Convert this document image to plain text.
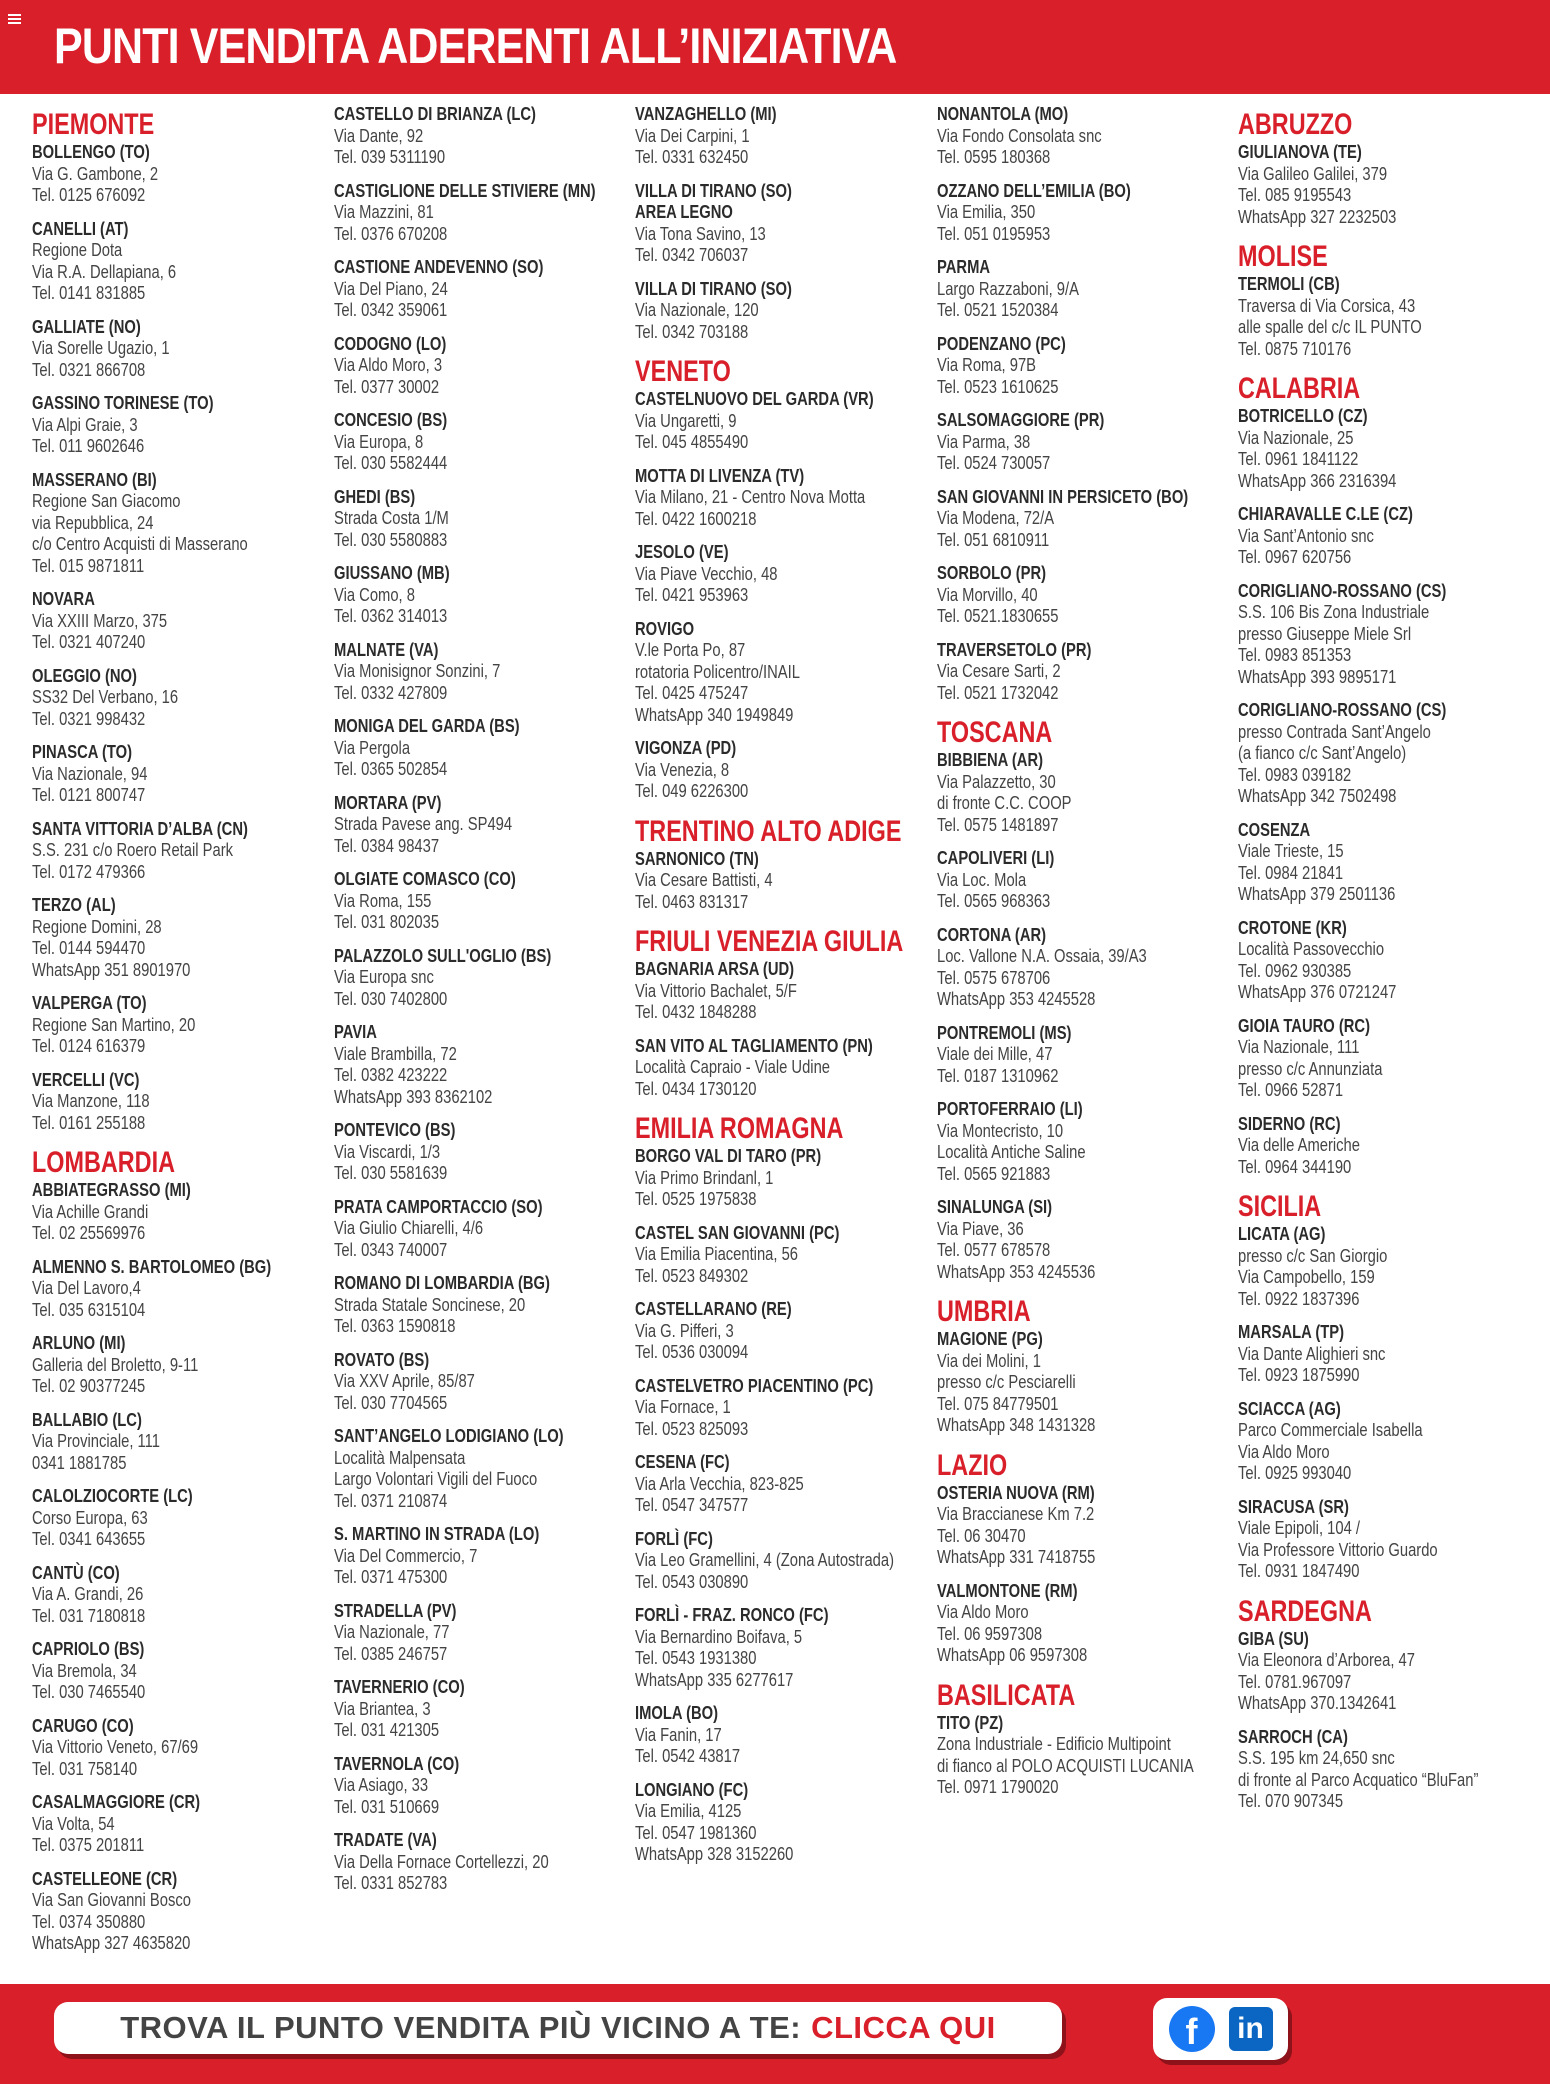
PUNTI VENDITA ADERENTI ALL’INIZIATIVA
PIEMONTE
BOLLENGO (TO)
Via G. Gambone, 2
Tel. 0125 676092
CANELLI (AT)
Regione Dota
Via R.A. Dellapiana, 6
Tel. 0141 831885
GALLIATE (NO)
Via Sorelle Ugazio, 1
Tel. 0321 866708
GASSINO TORINESE (TO)
Via Alpi Graie, 3
Tel. 011 9602646
MASSERANO (BI)
Regione San Giacomo
via Repubblica, 24
c/o Centro Acquisti di Masserano
Tel. 015 9871811
NOVARA
Via XXIII Marzo, 375
Tel. 0321 407240
OLEGGIO (NO)
SS32 Del Verbano, 16
Tel. 0321 998432
PINASCA (TO)
Via Nazionale, 94
Tel. 0121 800747
SANTA VITTORIA D’ALBA (CN)
S.S. 231 c/o Roero Retail Park
Tel. 0172 479366
TERZO (AL)
Regione Domini, 28
Tel. 0144 594470
WhatsApp 351 8901970
VALPERGA (TO)
Regione San Martino, 20
Tel. 0124 616379
VERCELLI (VC)
Via Manzone, 118
Tel. 0161 255188
LOMBARDIA
ABBIATEGRASSO (MI)
Via Achille Grandi
Tel. 02 25569976
ALMENNO S. BARTOLOMEO (BG)
Via Del Lavoro,4
Tel. 035 6315104
ARLUNO (MI)
Galleria del Broletto, 9-11
Tel. 02 90377245
BALLABIO (LC)
Via Provinciale, 111
0341 1881785
CALOLZIOCORTE (LC)
Corso Europa, 63
Tel. 0341 643655
CANTÙ (CO)
Via A. Grandi, 26
Tel. 031 7180818
CAPRIOLO (BS)
Via Bremola, 34
Tel. 030 7465540
CARUGO (CO)
Via Vittorio Veneto, 67/69
Tel. 031 758140
CASALMAGGIORE (CR)
Via Volta, 54
Tel. 0375 201811
CASTELLEONE (CR)
Via San Giovanni Bosco
Tel. 0374 350880
WhatsApp 327 4635820
CASTELLO DI BRIANZA (LC)
Via Dante, 92
Tel. 039 5311190
CASTIGLIONE DELLE STIVIERE (MN)
Via Mazzini, 81
Tel. 0376 670208
CASTIONE ANDEVENNO (SO)
Via Del Piano, 24
Tel. 0342 359061
CODOGNO (LO)
Via Aldo Moro, 3
Tel. 0377 30002
CONCESIO (BS)
Via Europa, 8
Tel. 030 5582444
GHEDI (BS)
Strada Costa 1/M
Tel. 030 5580883
GIUSSANO (MB)
Via Como, 8
Tel. 0362 314013
MALNATE (VA)
Via Monisignor Sonzini, 7
Tel. 0332 427809
MONIGA DEL GARDA (BS)
Via Pergola
Tel. 0365 502854
MORTARA (PV)
Strada Pavese ang. SP494
Tel. 0384 98437
OLGIATE COMASCO (CO)
Via Roma, 155
Tel. 031 802035
PALAZZOLO SULL'OGLIO (BS)
Via Europa snc
Tel. 030 7402800
PAVIA
Viale Brambilla, 72
Tel. 0382 423222
WhatsApp 393 8362102
PONTEVICO (BS)
Via Viscardi, 1/3
Tel. 030 5581639
PRATA CAMPORTACCIO (SO)
Via Giulio Chiarelli, 4/6
Tel. 0343 740007
ROMANO DI LOMBARDIA (BG)
Strada Statale Soncinese, 20
Tel. 0363 1590818
ROVATO (BS)
Via XXV Aprile, 85/87
Tel. 030 7704565
SANT’ANGELO LODIGIANO (LO)
Località Malpensata
Largo Volontari Vigili del Fuoco
Tel. 0371 210874
S. MARTINO IN STRADA (LO)
Via Del Commercio, 7
Tel. 0371 475300
STRADELLA (PV)
Via Nazionale, 77
Tel. 0385 246757
TAVERNERIO (CO)
Via Briantea, 3
Tel. 031 421305
TAVERNOLA (CO)
Via Asiago, 33
Tel. 031 510669
TRADATE (VA)
Via Della Fornace Cortellezzi, 20
Tel. 0331 852783
VANZAGHELLO (MI)
Via Dei Carpini, 1
Tel. 0331 632450
VILLA DI TIRANO (SO)
AREA LEGNO
Via Tona Savino, 13
Tel. 0342 706037
VILLA DI TIRANO (SO)
Via Nazionale, 120
Tel. 0342 703188
VENETO
CASTELNUOVO DEL GARDA (VR)
Via Ungaretti, 9
Tel. 045 4855490
MOTTA DI LIVENZA (TV)
Via Milano, 21 - Centro Nova Motta
Tel. 0422 1600218
JESOLO (VE)
Via Piave Vecchio, 48
Tel. 0421 953963
ROVIGO
V.le Porta Po, 87
rotatoria Policentro/INAIL
Tel. 0425 475247
WhatsApp 340 1949849
VIGONZA (PD)
Via Venezia, 8
Tel. 049 6226300
TRENTINO ALTO ADIGE
SARNONICO (TN)
Via Cesare Battisti, 4
Tel. 0463 831317
FRIULI VENEZIA GIULIA
BAGNARIA ARSA (UD)
Via Vittorio Bachalet, 5/F
Tel. 0432 1848288
SAN VITO AL TAGLIAMENTO (PN)
Località Capraio - Viale Udine
Tel. 0434 1730120
EMILIA ROMAGNA
BORGO VAL DI TARO (PR)
Via Primo Brindanl, 1
Tel. 0525 1975838
CASTEL SAN GIOVANNI (PC)
Via Emilia Piacentina, 56
Tel. 0523 849302
CASTELLARANO (RE)
Via G. Pifferi, 3
Tel. 0536 030094
CASTELVETRO PIACENTINO (PC)
Via Fornace, 1
Tel. 0523 825093
CESENA (FC)
Via Arla Vecchia, 823-825
Tel. 0547 347577
FORLÌ (FC)
Via Leo Gramellini, 4 (Zona Autostrada)
Tel. 0543 030890
FORLÌ - FRAZ. RONCO (FC)
Via Bernardino Boifava, 5
Tel. 0543 1931380
WhatsApp 335 6277617
IMOLA (BO)
Via Fanin, 17
Tel. 0542 43817
LONGIANO (FC)
Via Emilia, 4125
Tel. 0547 1981360
WhatsApp 328 3152260
NONANTOLA (MO)
Via Fondo Consolata snc
Tel. 0595 180368
OZZANO DELL’EMILIA (BO)
Via Emilia, 350
Tel. 051 0195953
PARMA
Largo Razzaboni, 9/A
Tel. 0521 1520384
PODENZANO (PC)
Via Roma, 97B
Tel. 0523 1610625
SALSOMAGGIORE (PR)
Via Parma, 38
Tel. 0524 730057
SAN GIOVANNI IN PERSICETO (BO)
Via Modena, 72/A
Tel. 051 6810911
SORBOLO (PR)
Via Morvillo, 40
Tel. 0521.1830655
TRAVERSETOLO (PR)
Via Cesare Sarti, 2
Tel. 0521 1732042
TOSCANA
BIBBIENA (AR)
Via Palazzetto, 30
di fronte C.C. COOP
Tel. 0575 1481897
CAPOLIVERI (LI)
Via Loc. Mola
Tel. 0565 968363
CORTONA (AR)
Loc. Vallone N.A. Ossaia, 39/A3
Tel. 0575 678706
WhatsApp 353 4245528
PONTREMOLI (MS)
Viale dei Mille, 47
Tel. 0187 1310962
PORTOFERRAIO (LI)
Via Montecristo, 10
Località Antiche Saline
Tel. 0565 921883
SINALUNGA (SI)
Via Piave, 36
Tel. 0577 678578
WhatsApp 353 4245536
UMBRIA
MAGIONE (PG)
Via dei Molini, 1
presso c/c Pesciarelli
Tel. 075 84779501
WhatsApp 348 1431328
LAZIO
OSTERIA NUOVA (RM)
Via Braccianese Km 7.2
Tel. 06 30470
WhatsApp 331 7418755
VALMONTONE (RM)
Via Aldo Moro
Tel. 06 9597308
WhatsApp 06 9597308
BASILICATA
TITO (PZ)
Zona Industriale - Edificio Multipoint
di fianco al POLO ACQUISTI LUCANIA
Tel. 0971 1790020
ABRUZZO
GIULIANOVA (TE)
Via Galileo Galilei, 379
Tel. 085 9195543
WhatsApp 327 2232503
MOLISE
TERMOLI (CB)
Traversa di Via Corsica, 43
alle spalle del c/c IL PUNTO
Tel. 0875 710176
CALABRIA
BOTRICELLO (CZ)
Via Nazionale, 25
Tel. 0961 1841122
WhatsApp 366 2316394
CHIARAVALLE C.LE (CZ)
Via Sant’Antonio snc
Tel. 0967 620756
CORIGLIANO-ROSSANO (CS)
S.S. 106 Bis Zona Industriale
presso Giuseppe Miele Srl
Tel. 0983 851353
WhatsApp 393 9895171
CORIGLIANO-ROSSANO (CS)
presso Contrada Sant’Angelo
(a fianco c/c Sant’Angelo)
Tel. 0983 039182
WhatsApp 342 7502498
COSENZA
Viale Trieste, 15
Tel. 0984 21841
WhatsApp 379 2501136
CROTONE (KR)
Località Passovecchio
Tel. 0962 930385
WhatsApp 376 0721247
GIOIA TAURO (RC)
Via Nazionale, 111
presso c/c Annunziata
Tel. 0966 52871
SIDERNO (RC)
Via delle Americhe
Tel. 0964 344190
SICILIA
LICATA (AG)
presso c/c San Giorgio
Via Campobello, 159
Tel. 0922 1837396
MARSALA (TP)
Via Dante Alighieri snc
Tel. 0923 1875990
SCIACCA (AG)
Parco Commerciale Isabella
Via Aldo Moro
Tel. 0925 993040
SIRACUSA (SR)
Viale Epipoli, 104 /
Via Professore Vittorio Guardo
Tel. 0931 1847490
SARDEGNA
GIBA (SU)
Via Eleonora d’Arborea, 47
Tel. 0781.967097
WhatsApp 370.1342641
SARROCH (CA)
S.S. 195 km 24,650 snc
di fronte al Parco Acquatico “BluFan”
Tel. 070 907345
TROVA IL PUNTO VENDITA PIÙ VICINO A TE: CLICCA QUI	f	in
